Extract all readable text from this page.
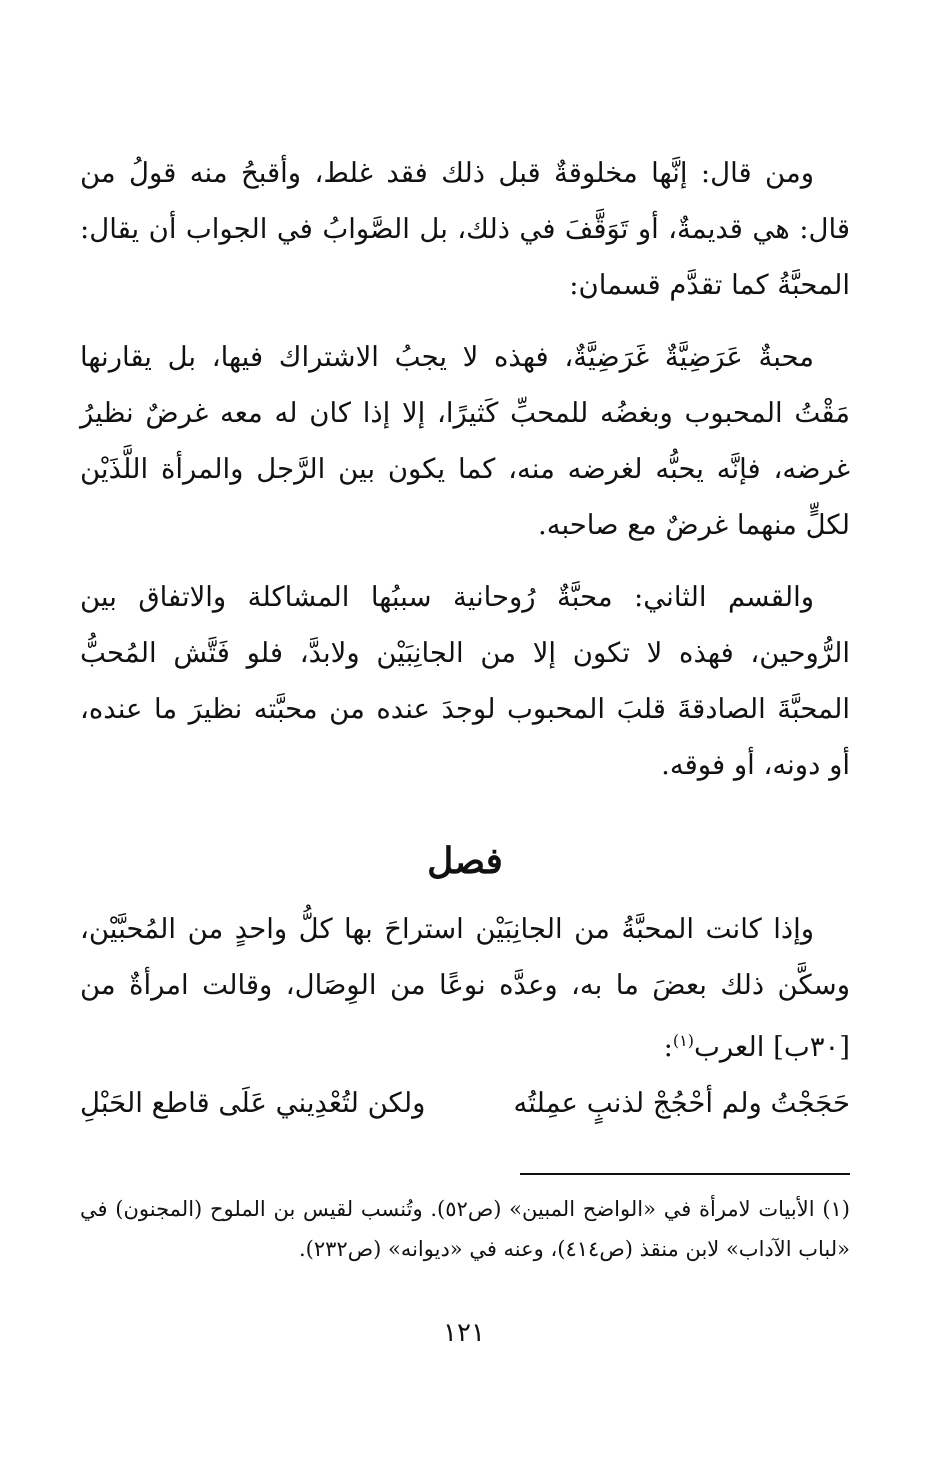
ومن قال: إنَّها مخلوقةٌ قبل ذلك فقد غلط، وأقبحُ منه قولُ من قال: هي قديمةٌ، أو تَوَقَّفَ في ذلك، بل الصَّوابُ في الجواب أن يقال: المحبَّةُ كما تقدَّم قسمان:

محبةٌ عَرَضِيَّةٌ غَرَضِيَّةٌ، فهذه لا يجبُ الاشتراك فيها، بل يقارنها مَقْتُ المحبوب وبغضُه للمحبِّ كَثيرًا، إلا إذا كان له معه غرضٌ نظيرُ غرضه، فإنَّه يحبُّه لغرضه منه، كما يكون بين الرَّجل والمرأة اللَّذَيْن لكلٍّ منهما غرضٌ مع صاحبه.

والقسم الثاني: محبَّةٌ رُوحانية سببُها المشاكلة والاتفاق بين الرُّوحين، فهذه لا تكون إلا من الجانِبَيْن ولابدَّ، فلو فَتَّش المُحبُّ المحبَّةَ الصادقةَ قلبَ المحبوب لوجدَ عنده من محبَّته نظيرَ ما عنده، أو دونه، أو فوقه.

فصل

وإذا كانت المحبَّةُ من الجانِبَيْن استراحَ بها كلُّ واحدٍ من المُحبَّيْن، وسكَّن ذلك بعضَ ما به، وعدَّه نوعًا من الوِصَال، وقالت امرأةٌ من [٣٠ب] العرب$^{(١)}$:

حَجَجْتُ ولم أحْجُجْ لذنبٍ عمِلتُه
ولكن لتُعْدِيني عَلَى قاطع الحَبْلِ

(١) الأبيات لامرأة في «الواضح المبين» (ص٥٢). وتُنسب لقيس بن الملوح (المجنون) في «لباب الآداب» لابن منقذ (ص٤١٤)، وعنه في «ديوانه» (ص٢٣٢).

١٢١
